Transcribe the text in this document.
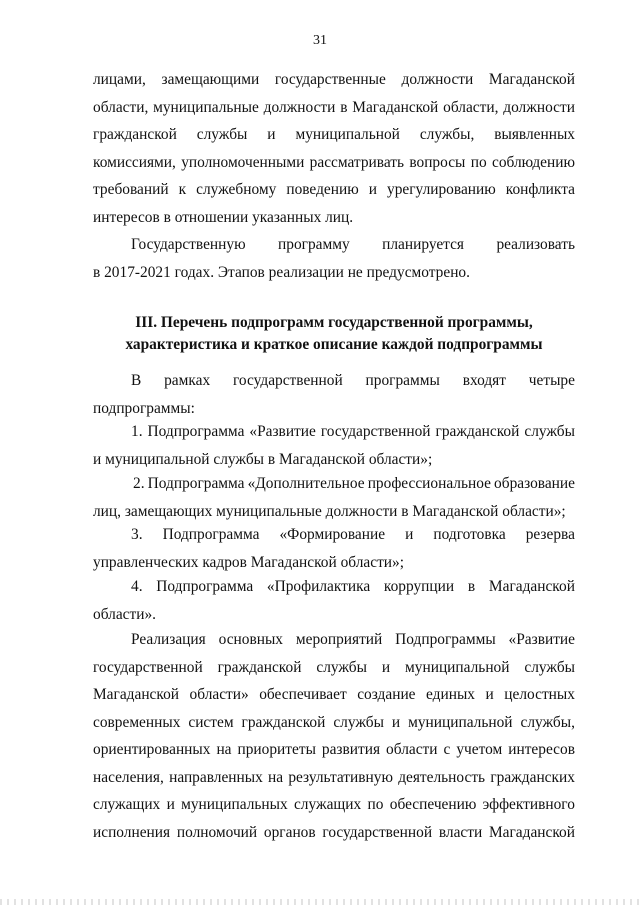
31
лицами, замещающими государственные должности Магаданской
области, муниципальные должности в Магаданской области, должности
гражданской службы и муниципальной службы, выявленных
комиссиями, уполномоченными рассматривать вопросы по соблюдению
требований к служебному поведению и урегулированию конфликта
интересов в отношении указанных лиц.
Государственную программу планируется реализовать
в 2017-2021 годах. Этапов реализации не предусмотрено.
III. Перечень подпрограмм государственной программы,
характеристика и краткое описание каждой подпрограммы
В рамках государственной программы входят четыре
подпрограммы:
1. Подпрограмма «Развитие государственной гражданской службы
и муниципальной службы в Магаданской области»;
2. Подпрограмма «Дополнительное профессиональное образование
лиц, замещающих муниципальные должности в Магаданской области»;
3. Подпрограмма «Формирование и подготовка резерва
управленческих кадров Магаданской области»;
4. Подпрограмма «Профилактика коррупции в Магаданской
области».
Реализация основных мероприятий Подпрограммы «Развитие
государственной гражданской службы и муниципальной службы
Магаданской области» обеспечивает создание единых и целостных
современных систем гражданской службы и муниципальной службы,
ориентированных на приоритеты развития области с учетом интересов
населения, направленных на результативную деятельность гражданских
служащих и муниципальных служащих по обеспечению эффективного
исполнения полномочий органов государственной власти Магаданской
